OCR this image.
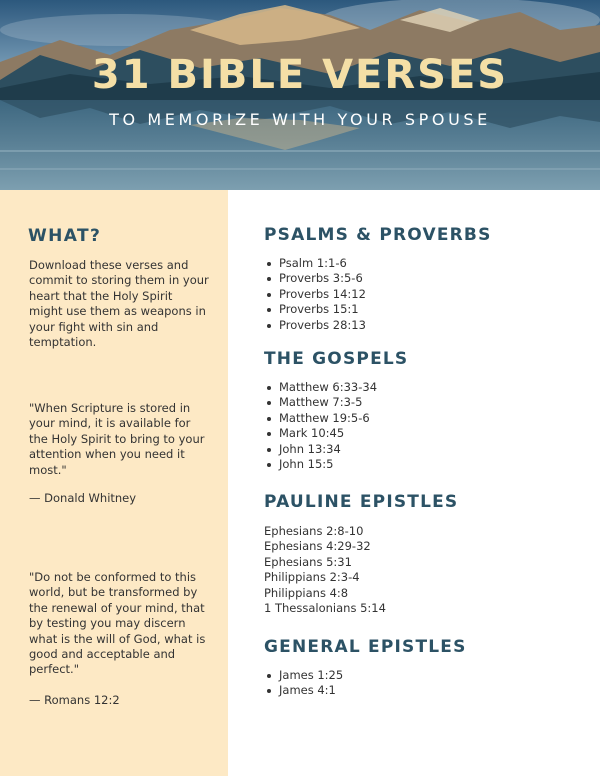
31 BIBLE VERSES
TO MEMORIZE WITH YOUR SPOUSE
WHAT?

Download these verses and commit to storing them in your heart that the Holy Spirit might use them as weapons in your fight with sin and temptation.

"When Scripture is stored in your mind, it is available for the Holy Spirit to bring to your attention when you need it most."

— Donald Whitney

"Do not be conformed to this world, but be transformed by the renewal of your mind, that by testing you may discern what is the will of God, what is good and acceptable and perfect."

— Romans 12:2

PSALMS & PROVERBS
Psalm 1:1-6
Proverbs 3:5-6
Proverbs 14:12
Proverbs 15:1
Proverbs 28:13
THE GOSPELS
Matthew 6:33-34
Matthew 7:3-5
Matthew 19:5-6
Mark 10:45
John 13:34
John 15:5
PAULINE EPISTLES
Ephesians 2:8-10
Ephesians 4:29-32
Ephesians 5:31
Philippians 2:3-4
Philippians 4:8
1 Thessalonians 5:14
GENERAL EPISTLES
James 1:25
James 4:1
